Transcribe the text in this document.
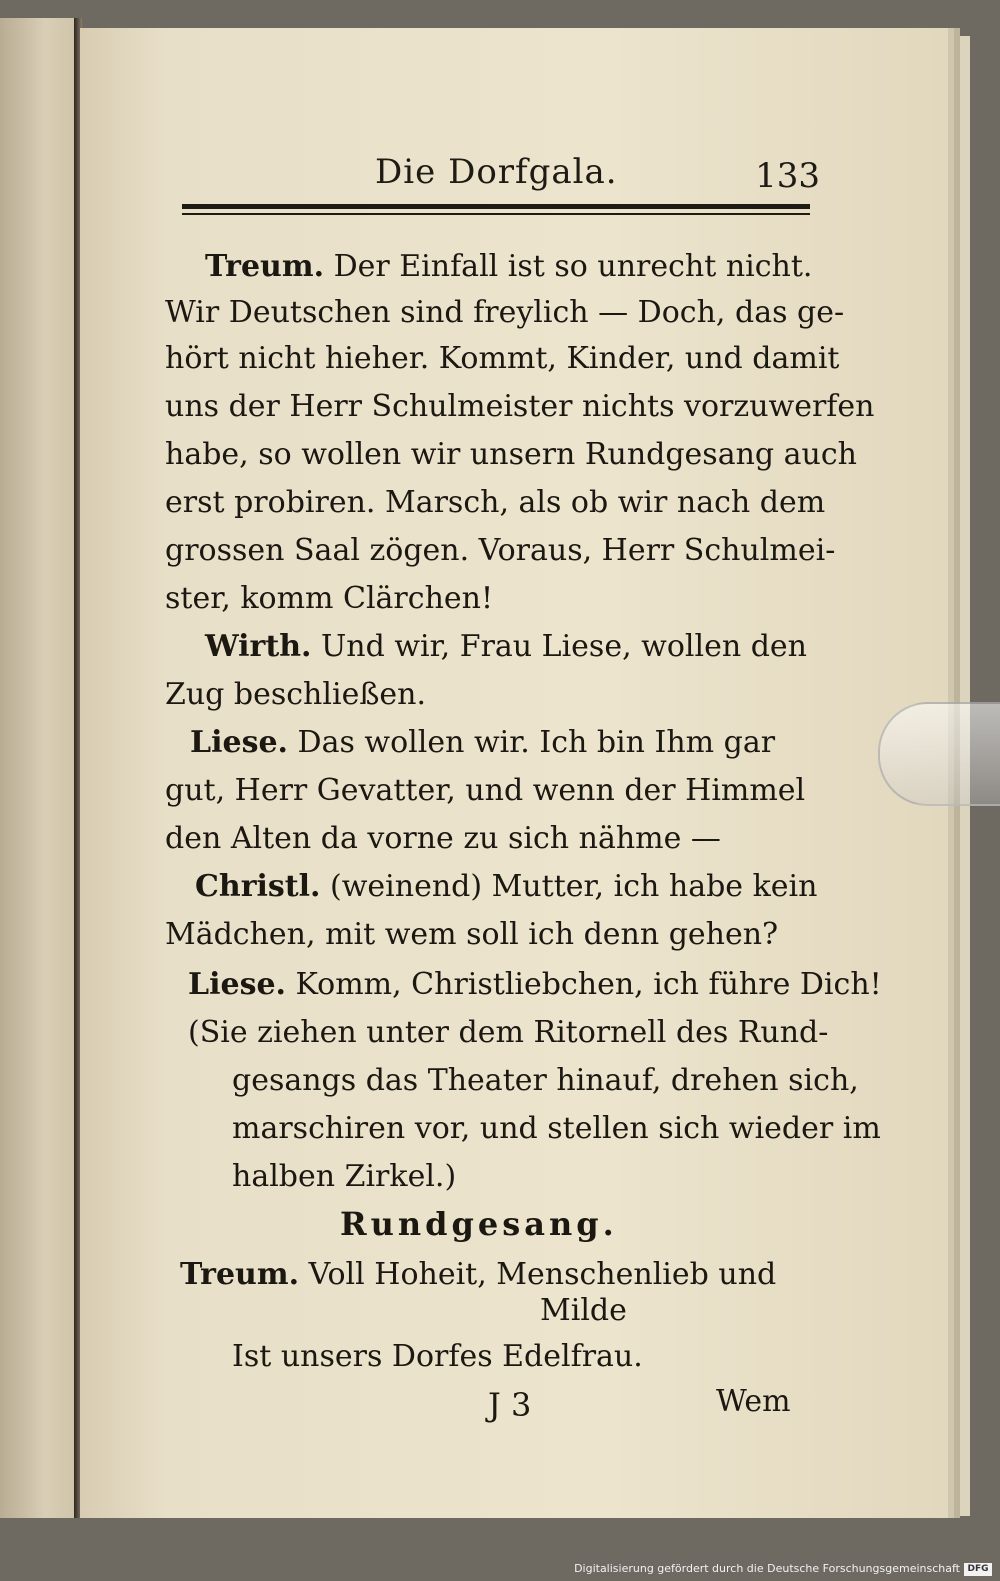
Die Dorfgala.	133
Treum. Der Einfall ist so unrecht nicht.
Wir Deutschen sind freylich — Doch, das ge-
hört nicht hieher. Kommt, Kinder, und damit
uns der Herr Schulmeister nichts vorzuwerfen
habe, so wollen wir unsern Rundgesang auch
erst probiren. Marsch, als ob wir nach dem
grossen Saal zögen. Voraus, Herr Schulmei-
ster, komm Clärchen!
Wirth. Und wir, Frau Liese, wollen den
Zug beschließen.
Liese. Das wollen wir. Ich bin Ihm gar
gut, Herr Gevatter, und wenn der Himmel
den Alten da vorne zu sich nähme —
Christl. (weinend) Mutter, ich habe kein
Mädchen, mit wem soll ich denn gehen?
Liese. Komm, Christliebchen, ich führe Dich!
(Sie ziehen unter dem Ritornell des Rund-
gesangs das Theater hinauf, drehen sich,
marschiren vor, und stellen sich wieder im
halben Zirkel.)
Rundgesang.
Treum. Voll Hoheit, Menschenlieb und
Milde
Ist unsers Dorfes Edelfrau.
J 3	Wem
Digitalisierung gefördert durch die Deutsche Forschungsgemeinschaft DFG
